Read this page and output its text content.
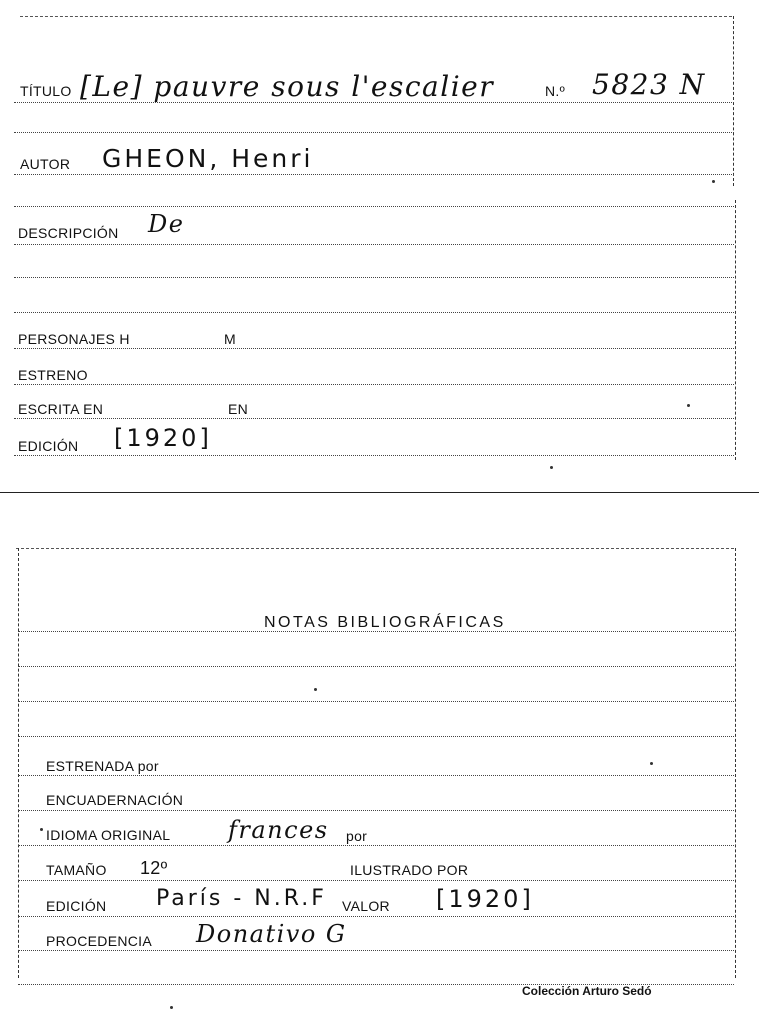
TÍTULO [Le] pauvre sous l'escalier	N.º 5823 N
AUTOR GHEON, Henri
DESCRIPCIÓN De
PERSONAJES H	M
ESTRENO
ESCRITA EN	EN
EDICIÓN [1920]
NOTAS BIBLIOGRÁFICAS
ESTRENADA por
ENCUADERNACIÓN
IDIOMA ORIGINAL frances por
TAMAÑO 12º	ILUSTRADO POR
EDICIÓN París - N.R.F VALOR [1920]
PROCEDENCIA Donativo G
Colección Arturo Sedó
